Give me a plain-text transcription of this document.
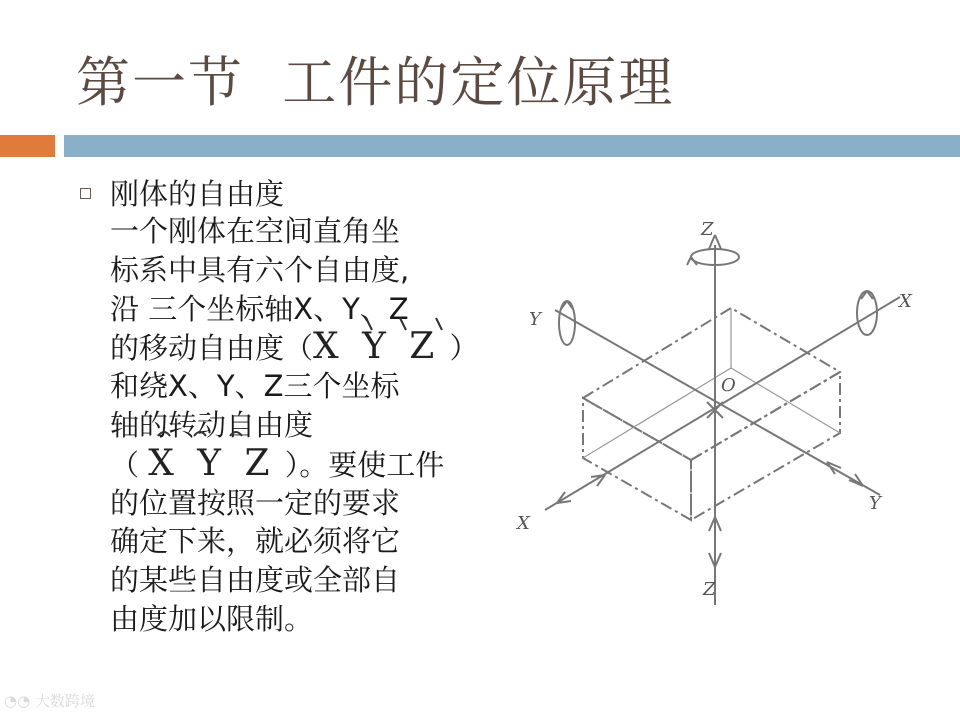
第一节  工件的定位原理
刚体的自由度
一个刚体在空间直角坐
标系中具有六个自由度,
沿 三个坐标轴X、Y、Z
的移动自由度（X Y Z ）
和绕X、Y、Z三个坐标
轴的转动自由度
（ X Y Z ）。要使工件
的位置按照一定的要求
确定下来，就必须将它
的某些自由度或全部自
由度加以限制。
Z
Z
Y
Y
X
X
O
◔◔ 大数跨境
